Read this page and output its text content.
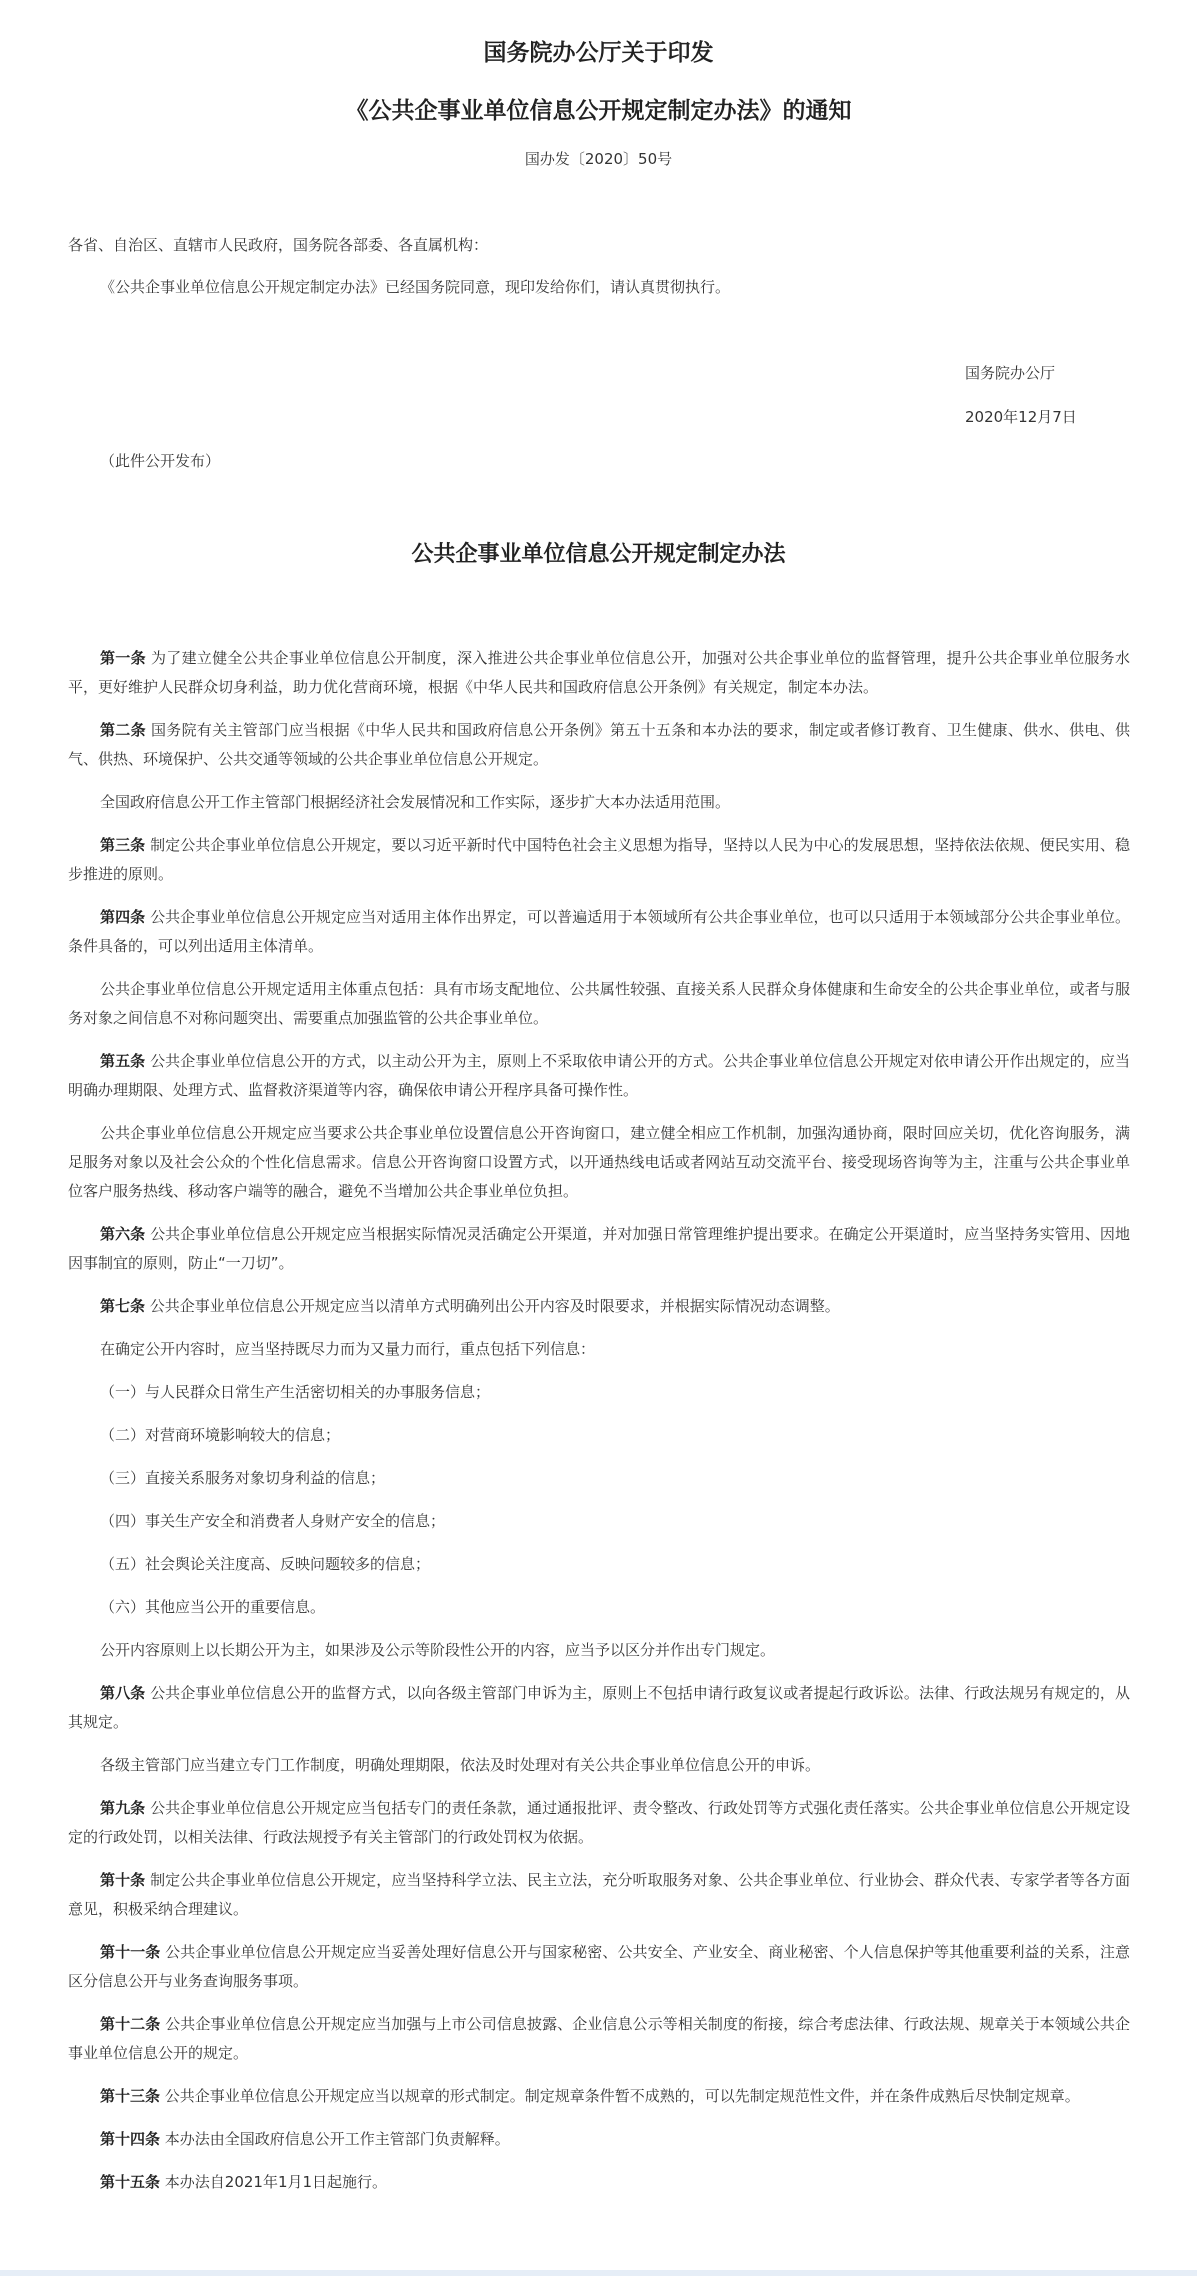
国务院办公厅关于印发
《公共企事业单位信息公开规定制定办法》的通知
国办发〔2020〕50号
各省、自治区、直辖市人民政府，国务院各部委、各直属机构：
《公共企事业单位信息公开规定制定办法》已经国务院同意，现印发给你们，请认真贯彻执行。
国务院办公厅
2020年12月7日
（此件公开发布）
公共企事业单位信息公开规定制定办法

第一条 为了建立健全公共企事业单位信息公开制度，深入推进公共企事业单位信息公开，加强对公共企事业单位的监督管理，提升公共企事业单位服务水平，更好维护人民群众切身利益，助力优化营商环境，根据《中华人民共和国政府信息公开条例》有关规定，制定本办法。

第二条 国务院有关主管部门应当根据《中华人民共和国政府信息公开条例》第五十五条和本办法的要求，制定或者修订教育、卫生健康、供水、供电、供气、供热、环境保护、公共交通等领域的公共企事业单位信息公开规定。

全国政府信息公开工作主管部门根据经济社会发展情况和工作实际，逐步扩大本办法适用范围。

第三条 制定公共企事业单位信息公开规定，要以习近平新时代中国特色社会主义思想为指导，坚持以人民为中心的发展思想，坚持依法依规、便民实用、稳步推进的原则。

第四条 公共企事业单位信息公开规定应当对适用主体作出界定，可以普遍适用于本领域所有公共企事业单位，也可以只适用于本领域部分公共企事业单位。条件具备的，可以列出适用主体清单。

公共企事业单位信息公开规定适用主体重点包括：具有市场支配地位、公共属性较强、直接关系人民群众身体健康和生命安全的公共企事业单位，或者与服务对象之间信息不对称问题突出、需要重点加强监管的公共企事业单位。

第五条 公共企事业单位信息公开的方式，以主动公开为主，原则上不采取依申请公开的方式。公共企事业单位信息公开规定对依申请公开作出规定的，应当明确办理期限、处理方式、监督救济渠道等内容，确保依申请公开程序具备可操作性。

公共企事业单位信息公开规定应当要求公共企事业单位设置信息公开咨询窗口，建立健全相应工作机制，加强沟通协商，限时回应关切，优化咨询服务，满足服务对象以及社会公众的个性化信息需求。信息公开咨询窗口设置方式，以开通热线电话或者网站互动交流平台、接受现场咨询等为主，注重与公共企事业单位客户服务热线、移动客户端等的融合，避免不当增加公共企事业单位负担。

第六条 公共企事业单位信息公开规定应当根据实际情况灵活确定公开渠道，并对加强日常管理维护提出要求。在确定公开渠道时，应当坚持务实管用、因地因事制宜的原则，防止“一刀切”。

第七条 公共企事业单位信息公开规定应当以清单方式明确列出公开内容及时限要求，并根据实际情况动态调整。

在确定公开内容时，应当坚持既尽力而为又量力而行，重点包括下列信息：

（一）与人民群众日常生产生活密切相关的办事服务信息；

（二）对营商环境影响较大的信息；

（三）直接关系服务对象切身利益的信息；

（四）事关生产安全和消费者人身财产安全的信息；

（五）社会舆论关注度高、反映问题较多的信息；

（六）其他应当公开的重要信息。

公开内容原则上以长期公开为主，如果涉及公示等阶段性公开的内容，应当予以区分并作出专门规定。

第八条 公共企事业单位信息公开的监督方式，以向各级主管部门申诉为主，原则上不包括申请行政复议或者提起行政诉讼。法律、行政法规另有规定的，从其规定。

各级主管部门应当建立专门工作制度，明确处理期限，依法及时处理对有关公共企事业单位信息公开的申诉。

第九条 公共企事业单位信息公开规定应当包括专门的责任条款，通过通报批评、责令整改、行政处罚等方式强化责任落实。公共企事业单位信息公开规定设定的行政处罚，以相关法律、行政法规授予有关主管部门的行政处罚权为依据。

第十条 制定公共企事业单位信息公开规定，应当坚持科学立法、民主立法，充分听取服务对象、公共企事业单位、行业协会、群众代表、专家学者等各方面意见，积极采纳合理建议。

第十一条 公共企事业单位信息公开规定应当妥善处理好信息公开与国家秘密、公共安全、产业安全、商业秘密、个人信息保护等其他重要利益的关系，注意区分信息公开与业务查询服务事项。

第十二条 公共企事业单位信息公开规定应当加强与上市公司信息披露、企业信息公示等相关制度的衔接，综合考虑法律、行政法规、规章关于本领域公共企事业单位信息公开的规定。

第十三条 公共企事业单位信息公开规定应当以规章的形式制定。制定规章条件暂不成熟的，可以先制定规范性文件，并在条件成熟后尽快制定规章。

第十四条 本办法由全国政府信息公开工作主管部门负责解释。

第十五条 本办法自2021年1月1日起施行。
